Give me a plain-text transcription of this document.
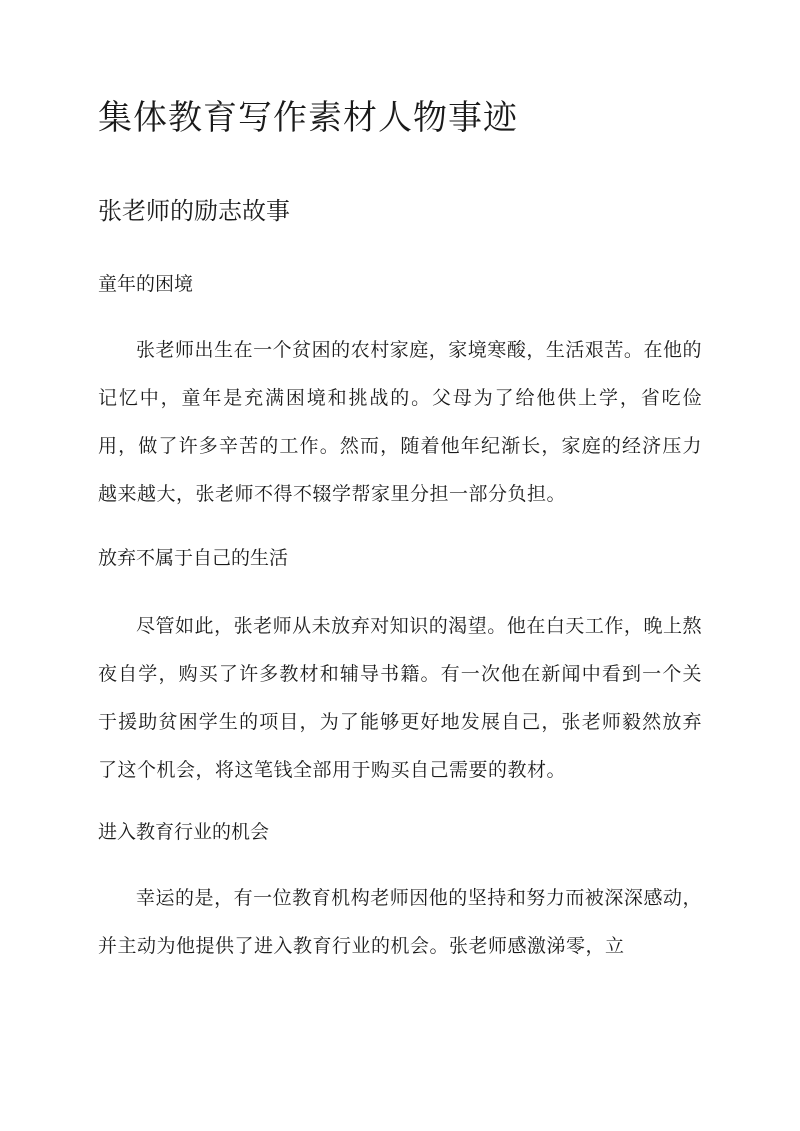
集体教育写作素材人物事迹
张老师的励志故事
童年的困境

张老师出生在一个贫困的农村家庭，家境寒酸，生活艰苦。在他的记忆中，童年是充满困境和挑战的。父母为了给他供上学，省吃俭用，做了许多辛苦的工作。然而，随着他年纪渐长，家庭的经济压力越来越大，张老师不得不辍学帮家里分担一部分负担。

放弃不属于自己的生活

尽管如此，张老师从未放弃对知识的渴望。他在白天工作，晚上熬夜自学，购买了许多教材和辅导书籍。有一次他在新闻中看到一个关于援助贫困学生的项目，为了能够更好地发展自己，张老师毅然放弃了这个机会，将这笔钱全部用于购买自己需要的教材。

进入教育行业的机会

幸运的是，有一位教育机构老师因他的坚持和努力而被深深感动，并主动为他提供了进入教育行业的机会。张老师感激涕零，立
